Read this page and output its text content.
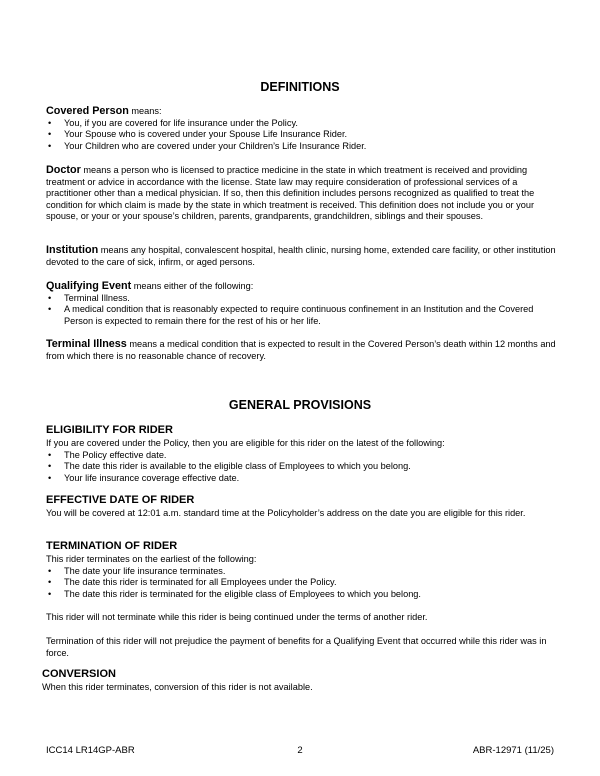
DEFINITIONS

Covered Person means:

• You, if you are covered for life insurance under the Policy.
• Your Spouse who is covered under your Spouse Life Insurance Rider.
• Your Children who are covered under your Children’s Life Insurance Rider.

Doctor means a person who is licensed to practice medicine in the state in which treatment is received and providing treatment or advice in accordance with the license. State law may require consideration of professional services of a practitioner other than a medical physician. If so, then this definition includes persons recognized as qualified to treat the condition for which claim is made by the state in which treatment is received. This definition does not include you or your spouse, or your or your spouse’s children, parents, grandparents, grandchildren, siblings and their spouses.

Institution means any hospital, convalescent hospital, health clinic, nursing home, extended care facility, or other institution devoted to the care of sick, infirm, or aged persons.

Qualifying Event means either of the following:

• Terminal Illness.
• A medical condition that is reasonably expected to require continuous confinement in an Institution and the Covered Person is expected to remain there for the rest of his or her life.

Terminal Illness means a medical condition that is expected to result in the Covered Person’s death within 12 months and from which there is no reasonable chance of recovery.

GENERAL PROVISIONS
ELIGIBILITY FOR RIDER

If you are covered under the Policy, then you are eligible for this rider on the latest of the following:

• The Policy effective date.
• The date this rider is available to the eligible class of Employees to which you belong.
• Your life insurance coverage effective date.
EFFECTIVE DATE OF RIDER

You will be covered at 12:01 a.m. standard time at the Policyholder’s address on the date you are eligible for this rider.

TERMINATION OF RIDER

This rider terminates on the earliest of the following:

• The date your life insurance terminates.
• The date this rider is terminated for all Employees under the Policy.
• The date this rider is terminated for the eligible class of Employees to which you belong.

This rider will not terminate while this rider is being continued under the terms of another rider.

Termination of this rider will not prejudice the payment of benefits for a Qualifying Event that occurred while this rider was in force.

CONVERSION

When this rider terminates, conversion of this rider is not available.

ICC14 LR14GP-ABR	2	ABR-12971 (11/25)
